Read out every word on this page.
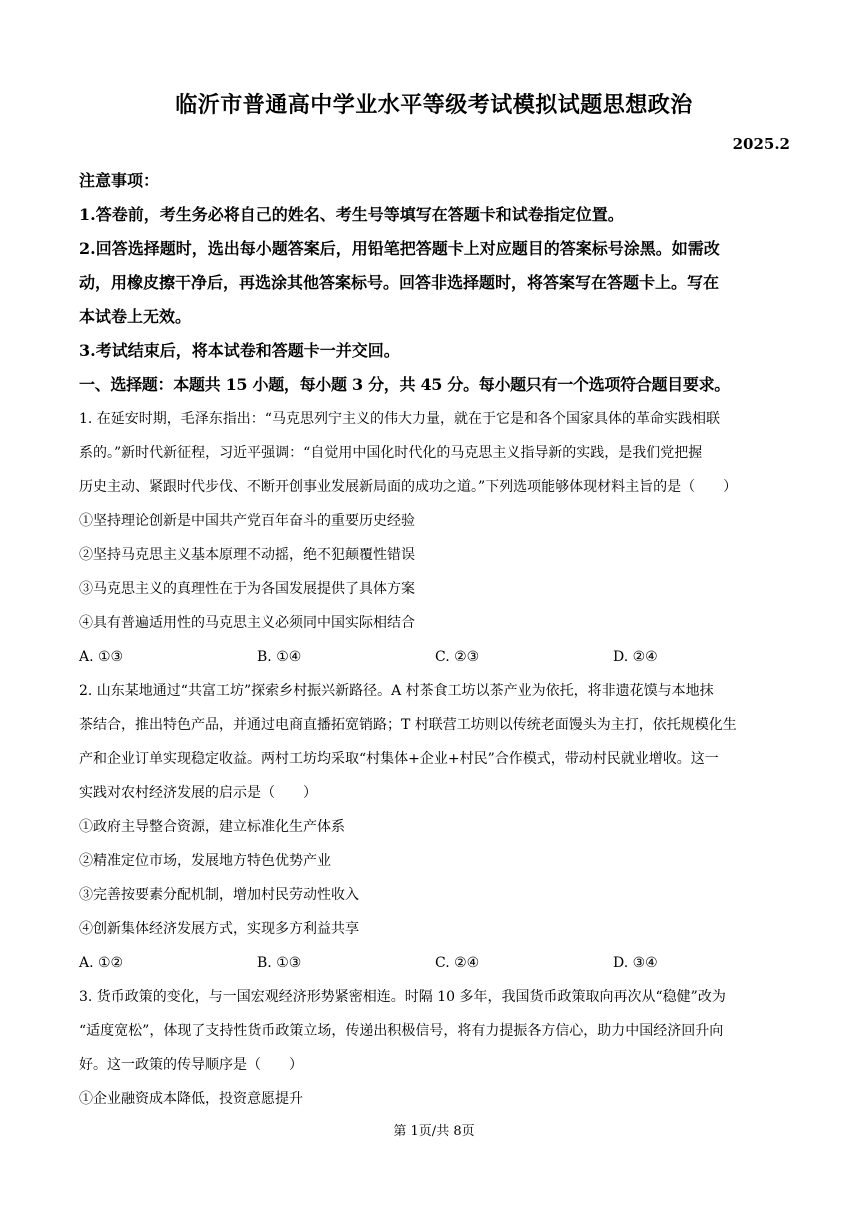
临沂市普通高中学业水平等级考试模拟试题思想政治
2025.2
注意事项：
1.答卷前，考生务必将自己的姓名、考生号等填写在答题卡和试卷指定位置。
2.回答选择题时，选出每小题答案后，用铅笔把答题卡上对应题目的答案标号涂黑。如需改
动，用橡皮擦干净后，再选涂其他答案标号。回答非选择题时，将答案写在答题卡上。写在
本试卷上无效。
3.考试结束后，将本试卷和答题卡一并交回。
一、选择题：本题共 15 小题，每小题 3 分，共 45 分。每小题只有一个选项符合题目要求。
1. 在延安时期，毛泽东指出：“马克思列宁主义的伟大力量，就在于它是和各个国家具体的革命实践相联
系的。”新时代新征程，习近平强调：“自觉用中国化时代化的马克思主义指导新的实践，是我们党把握
历史主动、紧跟时代步伐、不断开创事业发展新局面的成功之道。”下列选项能够体现材料主旨的是（　　）
①坚持理论创新是中国共产党百年奋斗的重要历史经验
②坚持马克思主义基本原理不动摇，绝不犯颠覆性错误
③马克思主义的真理性在于为各国发展提供了具体方案
④具有普遍适用性的马克思主义必须同中国实际相结合
A. ①③	B. ①④	C. ②③	D. ②④
2. 山东某地通过“共富工坊”探索乡村振兴新路径。A 村茶食工坊以茶产业为依托，将非遗花馍与本地抹
茶结合，推出特色产品，并通过电商直播拓宽销路；T 村联营工坊则以传统老面馒头为主打，依托规模化生
产和企业订单实现稳定收益。两村工坊均采取“村集体+企业+村民”合作模式，带动村民就业增收。这一
实践对农村经济发展的启示是（　　）
①政府主导整合资源，建立标准化生产体系
②精准定位市场，发展地方特色优势产业
③完善按要素分配机制，增加村民劳动性收入
④创新集体经济发展方式，实现多方利益共享
A. ①②	B. ①③	C. ②④	D. ③④
3. 货币政策的变化，与一国宏观经济形势紧密相连。时隔 10 多年，我国货币政策取向再次从“稳健”改为
“适度宽松”，体现了支持性货币政策立场，传递出积极信号，将有力提振各方信心，助力中国经济回升向
好。这一政策的传导顺序是（　　）
①企业融资成本降低，投资意愿提升
第 1页/共 8页
